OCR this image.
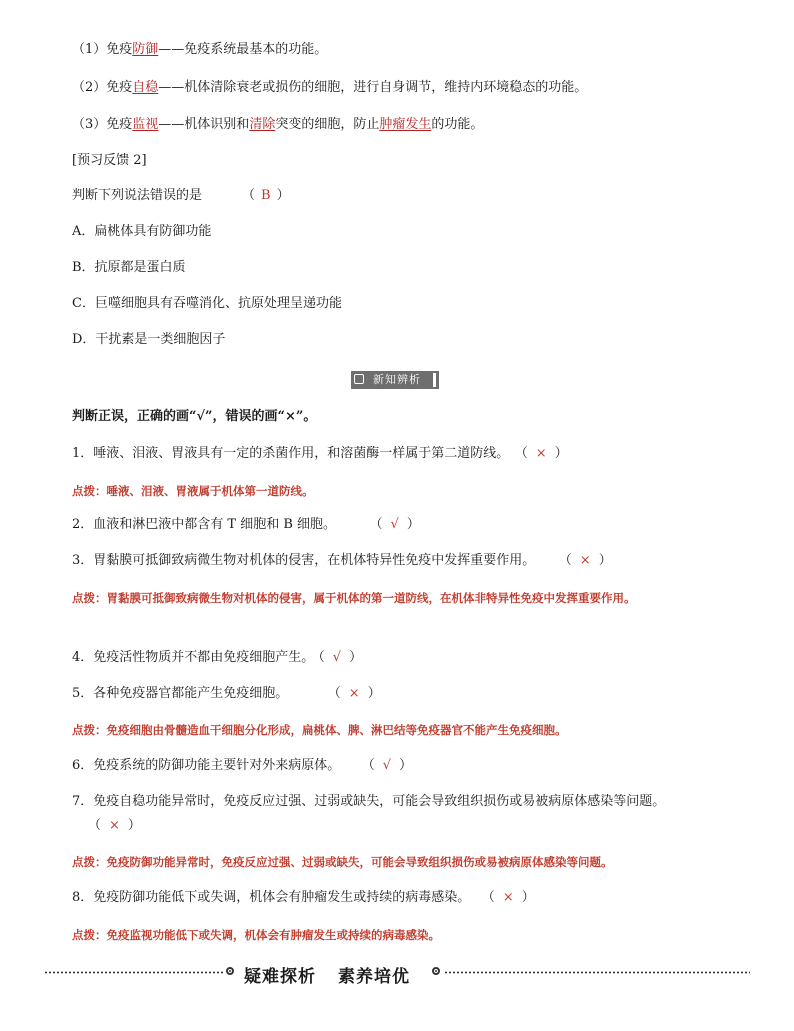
（1）免疫防御——免疫系统最基本的功能。
（2）免疫自稳——机体清除衰老或损伤的细胞，进行自身调节，维持内环境稳态的功能。
（3）免疫监视——机体识别和清除突变的细胞，防止肿瘤发生的功能。
[预习反馈 2]
判断下列说法错误的是	（ B ）
A．扁桃体具有防御功能
B．抗原都是蛋白质
C．巨噬细胞具有吞噬消化、抗原处理呈递功能
D．干扰素是一类细胞因子
新知辨析
判断正误，正确的画“√”，错误的画“×”。
1．唾液、泪液、胃液具有一定的杀菌作用，和溶菌酶一样属于第二道防线。 （ × ）
点拨：唾液、泪液、胃液属于机体第一道防线。
2．血液和淋巴液中都含有 T 细胞和 B 细胞。	（ √ ）
3．胃黏膜可抵御致病微生物对机体的侵害，在机体特异性免疫中发挥重要作用。 （ × ）
点拨：胃黏膜可抵御致病微生物对机体的侵害，属于机体的第一道防线，在机体非特异性免疫中发挥重要作用。
4．免疫活性物质并不都由免疫细胞产生。 （ √ ）
5．各种免疫器官都能产生免疫细胞。	（ × ）
点拨：免疫细胞由骨髓造血干细胞分化形成，扁桃体、脾、淋巴结等免疫器官不能产生免疫细胞。
6．免疫系统的防御功能主要针对外来病原体。 （ √ ）
7．免疫自稳功能异常时，免疫反应过强、过弱或缺失，可能会导致组织损伤或易被病原体感染等问题。
（ × ）
点拨：免疫防御功能异常时，免疫反应过强、过弱或缺失，可能会导致组织损伤或易被病原体感染等问题。
8．免疫防御功能低下或失调，机体会有肿瘤发生或持续的病毒感染。 （ × ）
点拨：免疫监视功能低下或失调，机体会有肿瘤发生或持续的病毒感染。
疑难探析 素养培优
